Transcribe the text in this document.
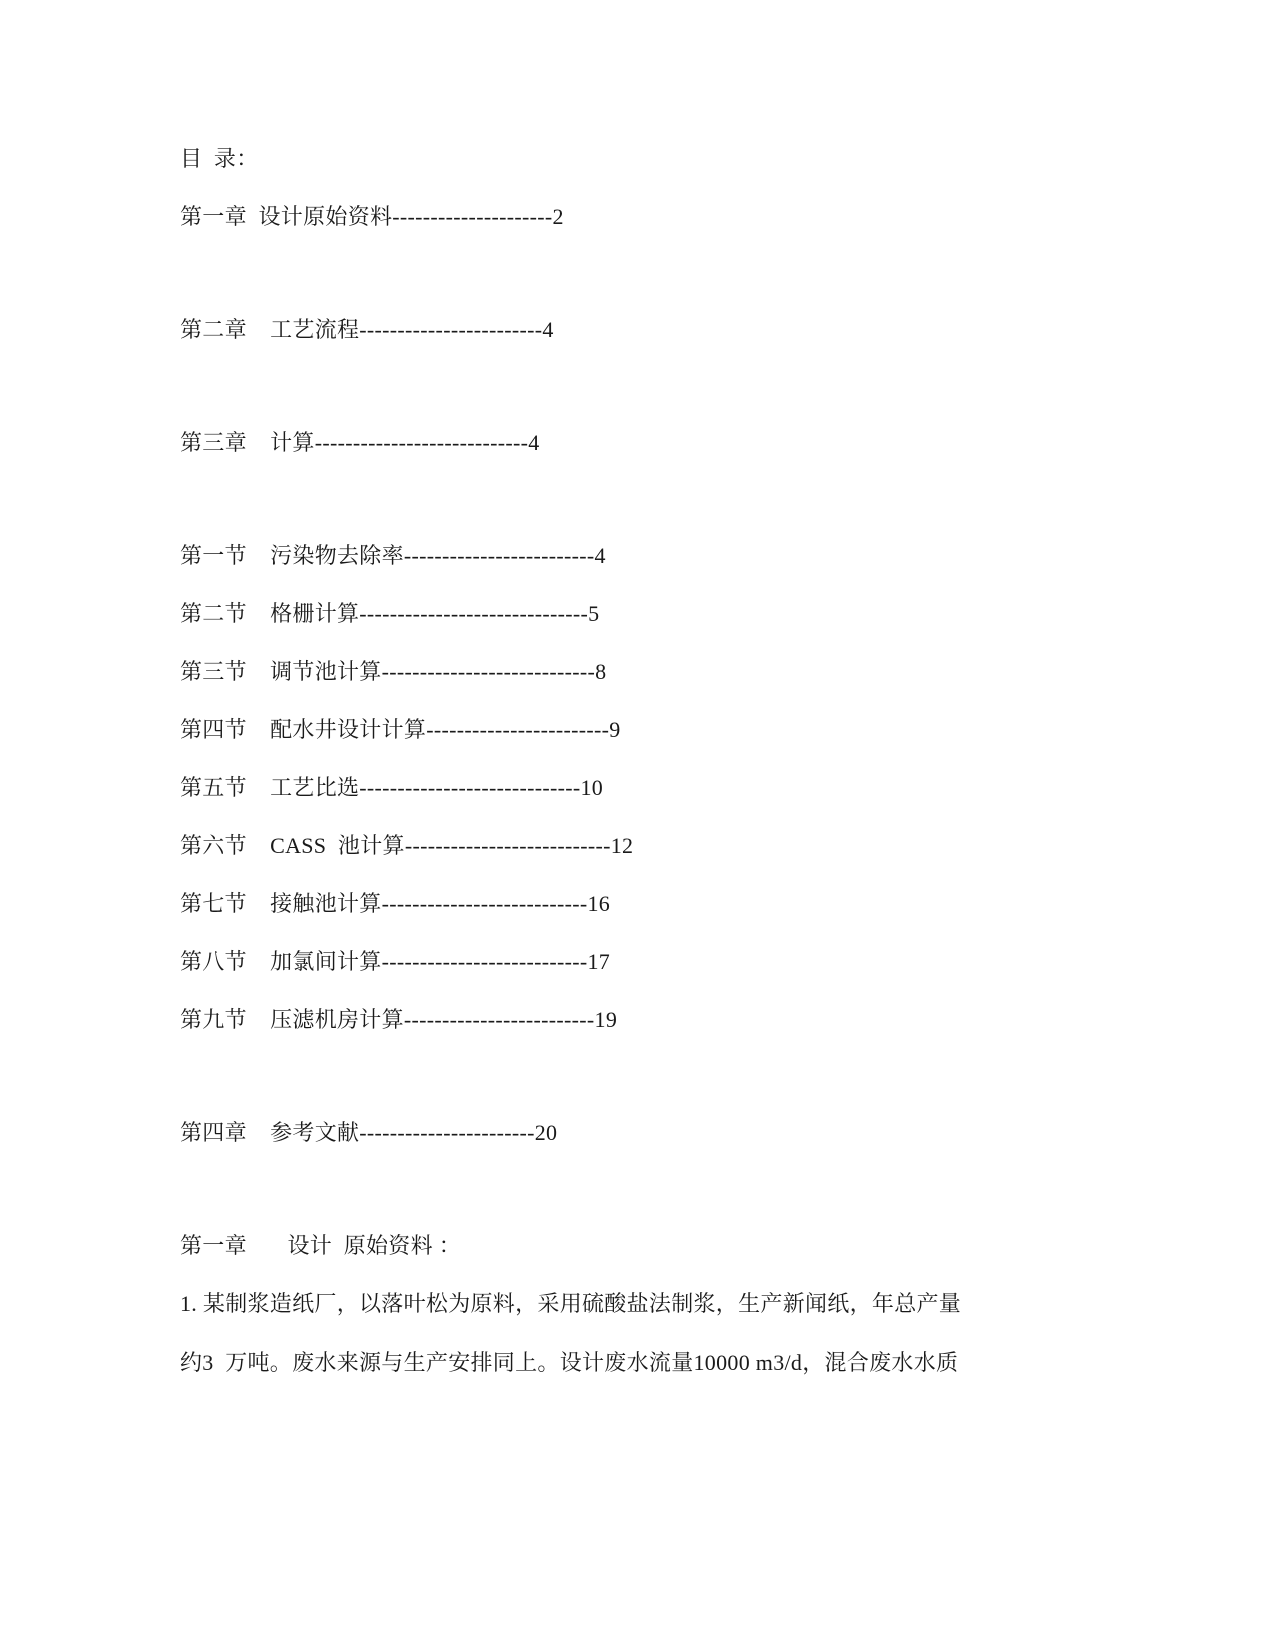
目  录：
第一章  设计原始资料---------------------2
第二章    工艺流程------------------------4
第三章    计算----------------------------4
第一节    污染物去除率-------------------------4
第二节    格栅计算------------------------------5
第三节    调节池计算----------------------------8
第四节    配水井设计计算------------------------9
第五节    工艺比选-----------------------------10
第六节    CASS  池计算---------------------------12
第七节    接触池计算---------------------------16
第八节    加氯间计算---------------------------17
第九节    压滤机房计算-------------------------19
第四章    参考文献-----------------------20
第一章       设计  原始资料 ：
1. 某制浆造纸厂，以落叶松为原料，采用硫酸盐法制浆，生产新闻纸，年总产量
约3  万吨。废水来源与生产安排同上。设计废水流量10000 m3/d，混合废水水质
